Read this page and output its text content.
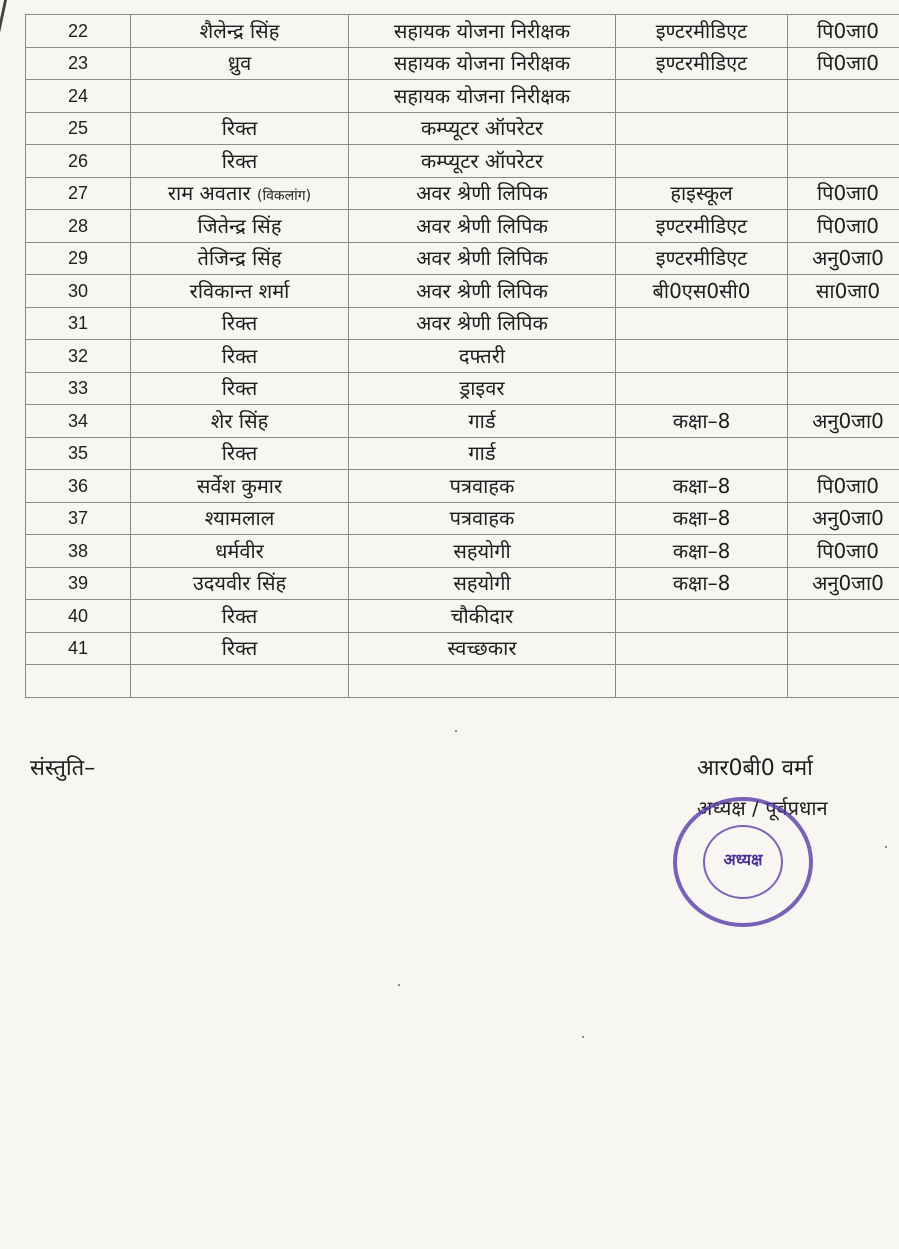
22	शैलेन्द्र सिंह	सहायक योजना निरीक्षक	इण्टरमीडिएट	पि0जा0
23	ध्रुव	सहायक योजना निरीक्षक	इण्टरमीडिएट	पि0जा0
24		सहायक योजना निरीक्षक		
25	रिक्त	कम्प्यूटर ऑपरेटर		
26	रिक्त	कम्प्यूटर ऑपरेटर		
27	राम अवतार (विकलांग)	अवर श्रेणी लिपिक	हाइस्कूल	पि0जा0
28	जितेन्द्र सिंह	अवर श्रेणी लिपिक	इण्टरमीडिएट	पि0जा0
29	तेजिन्द्र सिंह	अवर श्रेणी लिपिक	इण्टरमीडिएट	अनु0जा0
30	रविकान्त शर्मा	अवर श्रेणी लिपिक	बी0एस0सी0	सा0जा0
31	रिक्त	अवर श्रेणी लिपिक		
32	रिक्त	दफ्तरी		
33	रिक्त	ड्राइवर		
34	शेर सिंह	गार्ड	कक्षा–8	अनु0जा0
35	रिक्त	गार्ड		
36	सर्वेश कुमार	पत्रवाहक	कक्षा–8	पि0जा0
37	श्यामलाल	पत्रवाहक	कक्षा–8	अनु0जा0
38	धर्मवीर	सहयोगी	कक्षा–8	पि0जा0
39	उदयवीर सिंह	सहयोगी	कक्षा–8	अनु0जा0
40	रिक्त	चौकीदार		
41	रिक्त	स्वच्छकार		

संस्तुति–	आर0बी0 वर्मा
अध्यक्ष / पूर्वप्रधान
अध्यक्ष
